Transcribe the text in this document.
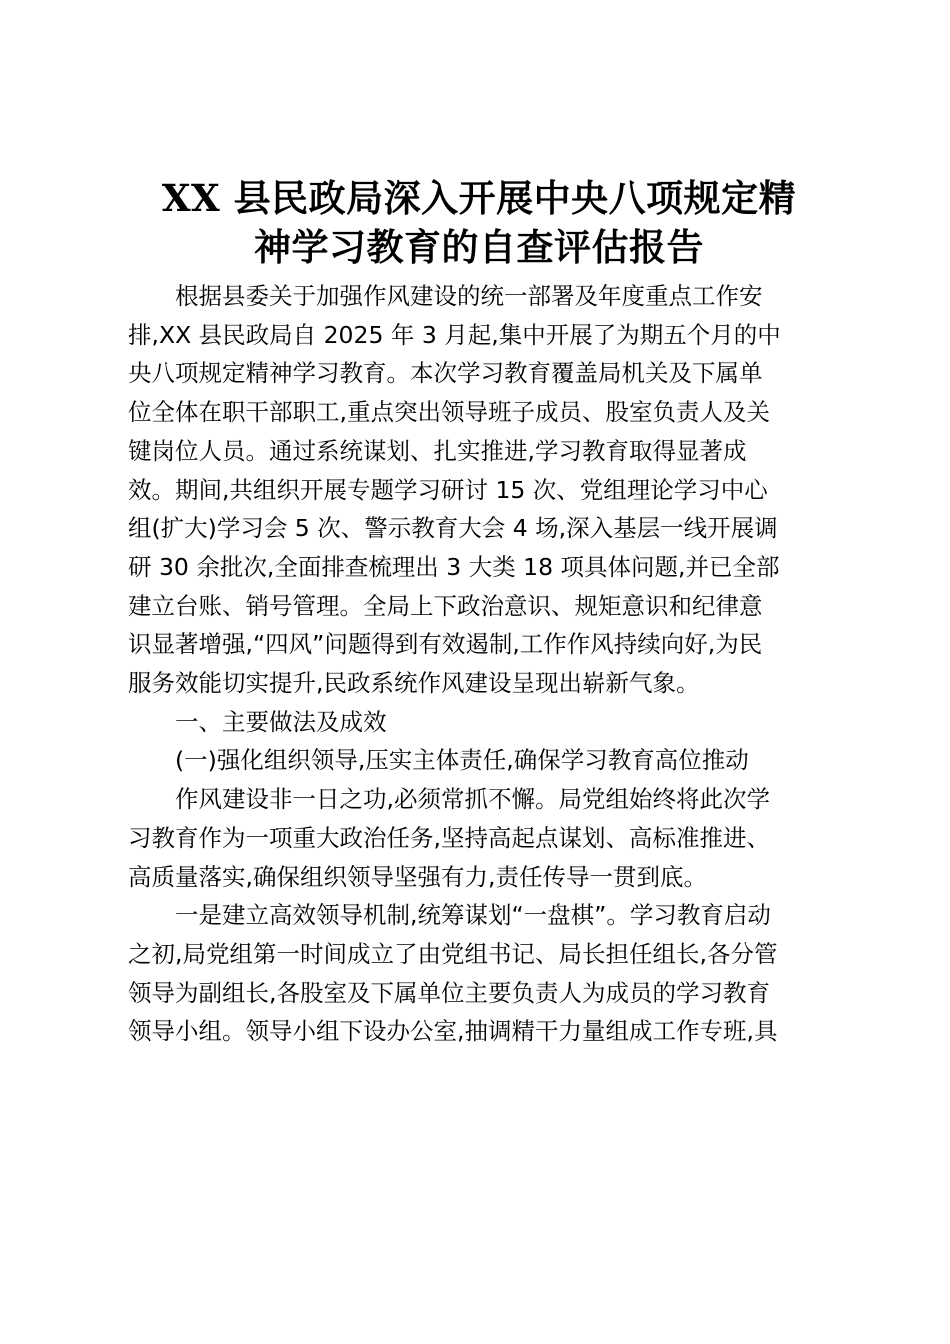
XX 县民政局深入开展中央八项规定精
神学习教育的自查评估报告
根据县委关于加强作风建设的统一部署及年度重点工作安
排,XX 县民政局自 2025 年 3 月起,集中开展了为期五个月的中
央八项规定精神学习教育。本次学习教育覆盖局机关及下属单
位全体在职干部职工,重点突出领导班子成员、股室负责人及关
键岗位人员。通过系统谋划、扎实推进,学习教育取得显著成
效。期间,共组织开展专题学习研讨 15 次、党组理论学习中心
组(扩大)学习会 5 次、警示教育大会 4 场,深入基层一线开展调
研 30 余批次,全面排查梳理出 3 大类 18 项具体问题,并已全部
建立台账、销号管理。全局上下政治意识、规矩意识和纪律意
识显著增强,“四风”问题得到有效遏制,工作作风持续向好,为民
服务效能切实提升,民政系统作风建设呈现出崭新气象。
一、主要做法及成效
(一)强化组织领导,压实主体责任,确保学习教育高位推动
作风建设非一日之功,必须常抓不懈。局党组始终将此次学
习教育作为一项重大政治任务,坚持高起点谋划、高标准推进、
高质量落实,确保组织领导坚强有力,责任传导一贯到底。
一是建立高效领导机制,统筹谋划“一盘棋”。学习教育启动
之初,局党组第一时间成立了由党组书记、局长担任组长,各分管
领导为副组长,各股室及下属单位主要负责人为成员的学习教育
领导小组。领导小组下设办公室,抽调精干力量组成工作专班,具
